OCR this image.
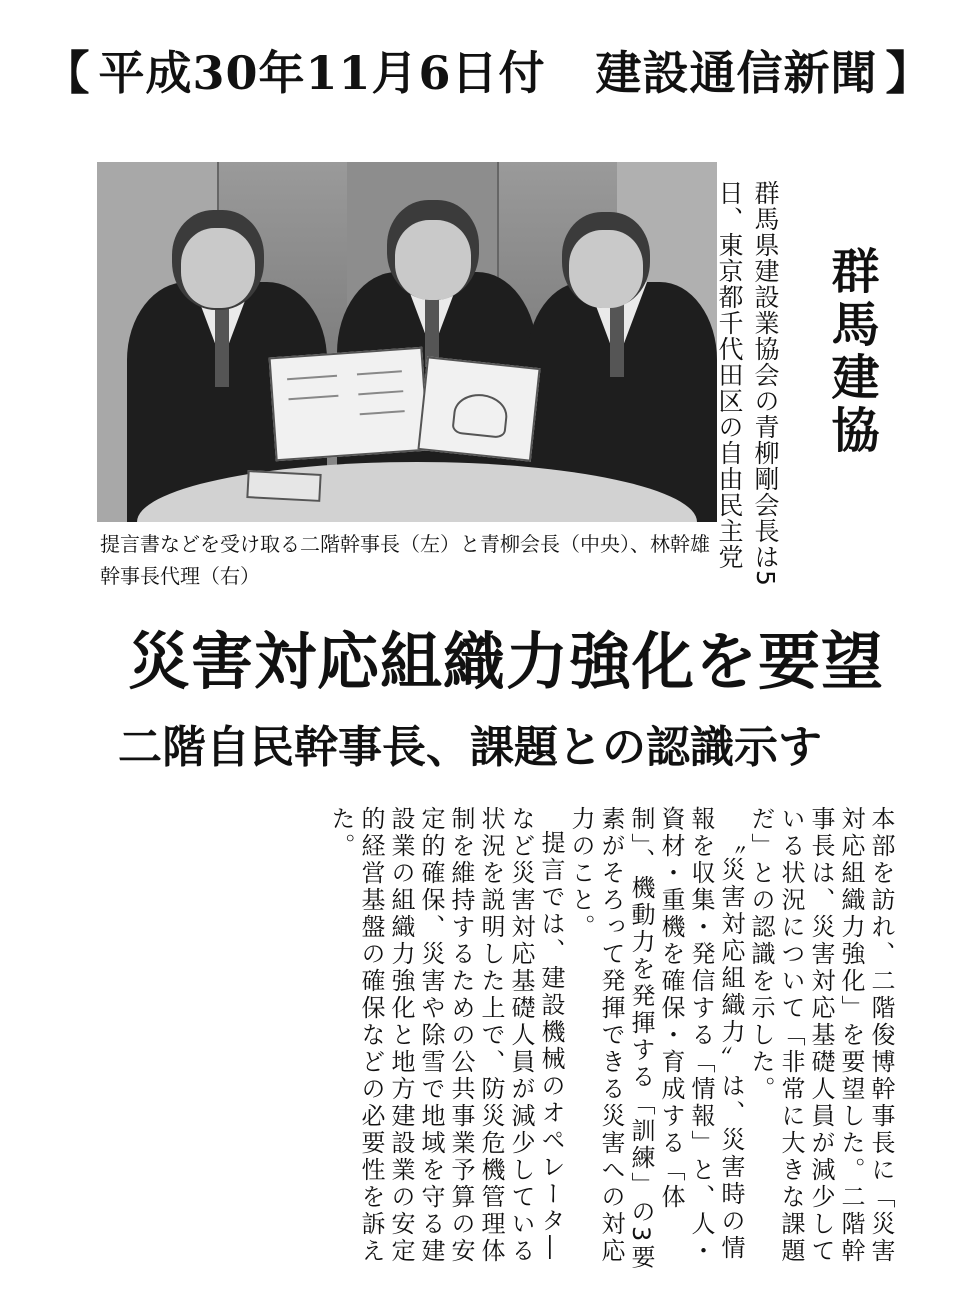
【 平成30年11月6日付 建設通信新聞 】
提言書などを受け取る二階幹事長（左）と青柳会長（中央）、林幹雄幹事長代理（右）	群馬県建設業協会の青柳剛会長は5日、東京都千代田区の自由民主党	群馬建協
災害対応組織力強化を要望
二階自民幹事長、課題との認識示す

本部を訪れ、二階俊博幹事長に「災害対応組織力強化」を要望した。二階幹事長は、災害対応基礎人員が減少している状況について「非常に大きな課題だ」との認識を示した。

〝災害対応組織力〟は、災害時の情報を収集・発信する「情報」と、人・資材・重機を確保・育成する「体制」、機動力を発揮する「訓練」の3要素がそろって発揮できる災害への対応力のこと。

提言では、建設機械のオペレータ―など災害対応基礎人員が減少している状況を説明した上で、防災危機管理体制を維持するための公共事業予算の安定的確保、災害や除雪で地域を守る建設業の組織力強化と地方建設業の安定的経営基盤の確保などの必要性を訴えた。
